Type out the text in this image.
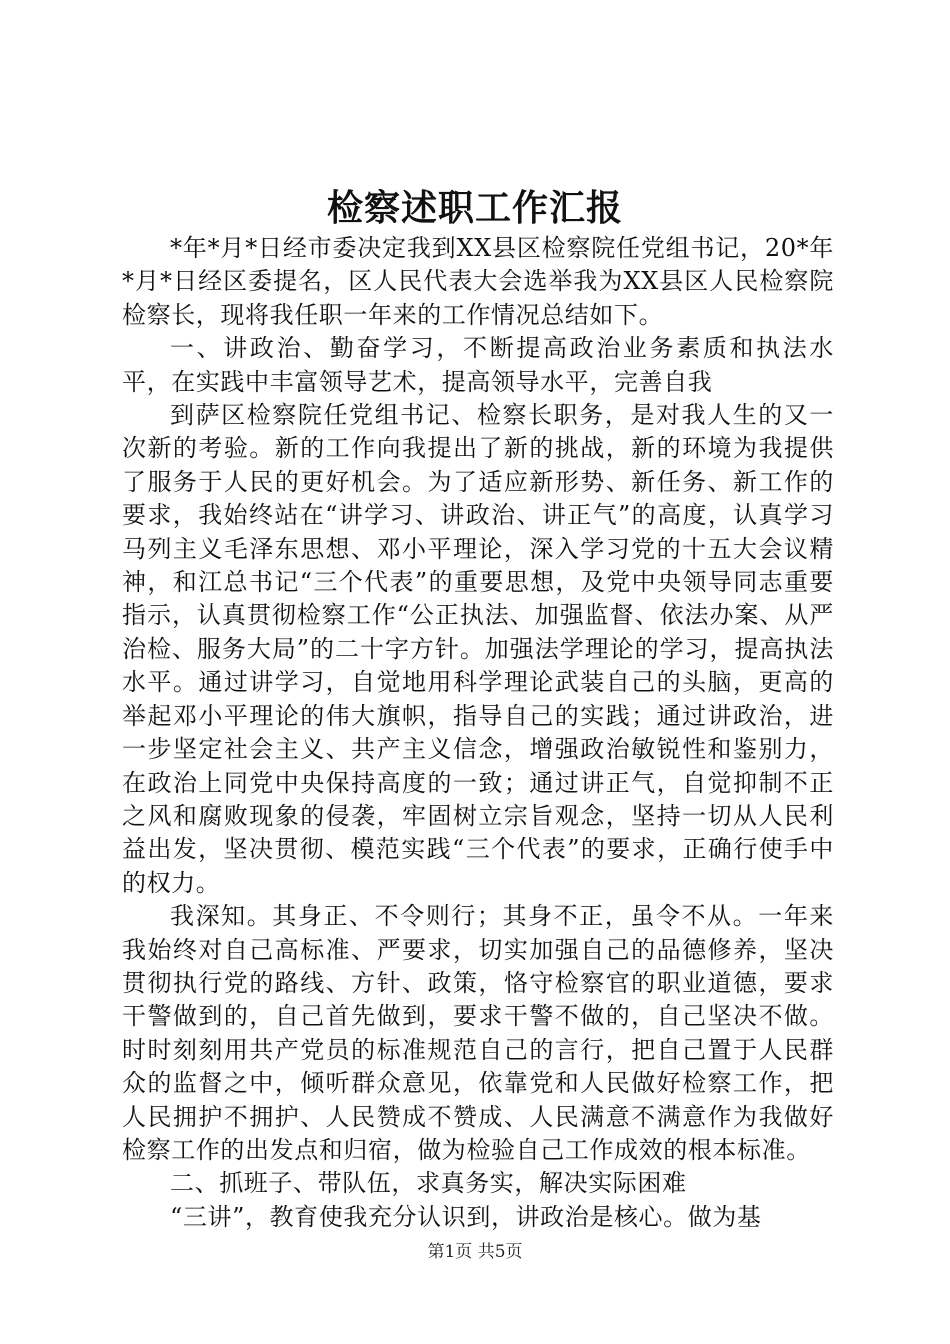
检察述职工作汇报

*年*月*日经市委决定我到XX县区检察院任党组书记，20*年*月*日经区委提名，区人民代表大会选举我为XX县区人民检察院检察长，现将我任职一年来的工作情况总结如下。

一、讲政治、勤奋学习，不断提高政治业务素质和执法水平，在实践中丰富领导艺术，提高领导水平，完善自我

到萨区检察院任党组书记、检察长职务，是对我人生的又一次新的考验。新的工作向我提出了新的挑战，新的环境为我提供了服务于人民的更好机会。为了适应新形势、新任务、新工作的要求，我始终站在“讲学习、讲政治、讲正气”的高度，认真学习马列主义毛泽东思想、邓小平理论，深入学习党的十五大会议精神，和江总书记“三个代表”的重要思想，及党中央领导同志重要指示，认真贯彻检察工作“公正执法、加强监督、依法办案、从严治检、服务大局”的二十字方针。加强法学理论的学习，提高执法水平。通过讲学习，自觉地用科学理论武装自己的头脑，更高的举起邓小平理论的伟大旗帜，指导自己的实践；通过讲政治，进一步坚定社会主义、共产主义信念，增强政治敏锐性和鉴别力，在政治上同党中央保持高度的一致；通过讲正气，自觉抑制不正之风和腐败现象的侵袭，牢固树立宗旨观念，坚持一切从人民利益出发，坚决贯彻、模范实践“三个代表”的要求，正确行使手中的权力。

我深知。其身正、不令则行；其身不正，虽令不从。一年来我始终对自己高标准、严要求，切实加强自己的品德修养，坚决贯彻执行党的路线、方针、政策，恪守检察官的职业道德，要求干警做到的，自己首先做到，要求干警不做的，自己坚决不做。时时刻刻用共产党员的标准规范自己的言行，把自己置于人民群众的监督之中，倾听群众意见，依靠党和人民做好检察工作，把人民拥护不拥护、人民赞成不赞成、人民满意不满意作为我做好检察工作的出发点和归宿，做为检验自己工作成效的根本标准。

二、抓班子、带队伍，求真务实，解决实际困难

“三讲”，教育使我充分认识到，讲政治是核心。做为基

第1页 共5页
